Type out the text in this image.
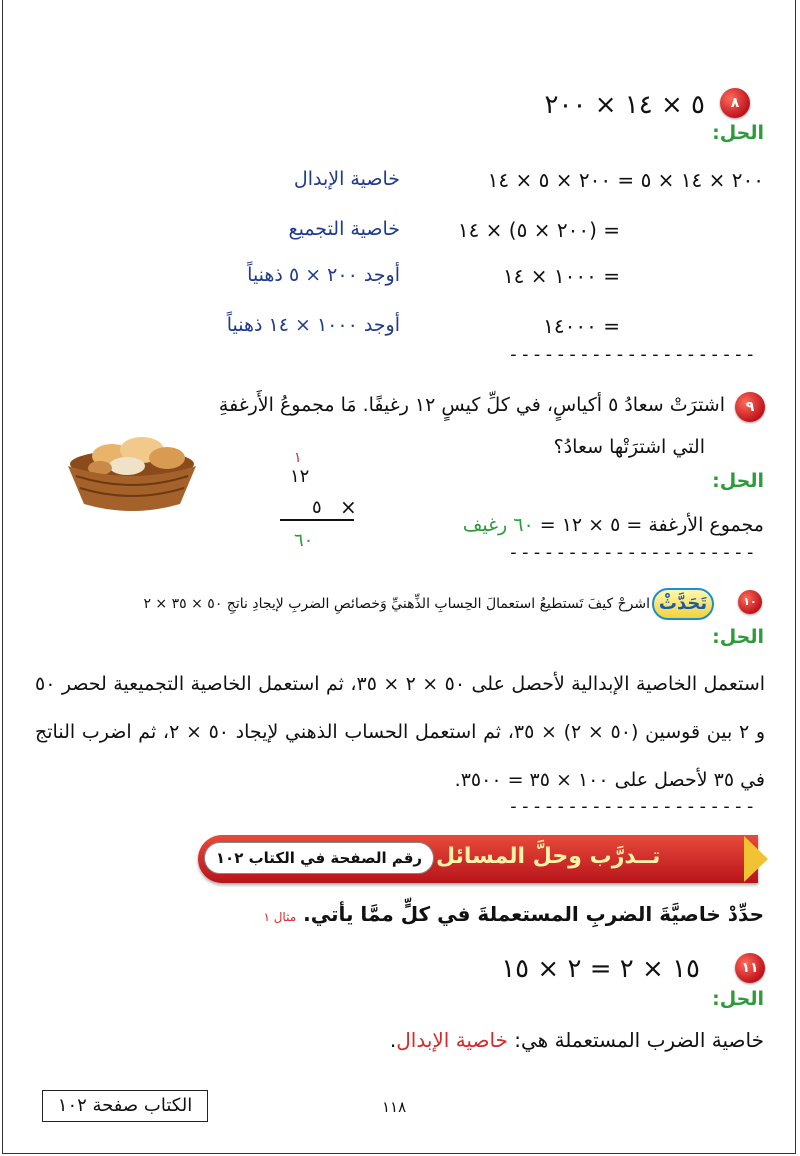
٨
٥ × ١٤ × ٢٠٠
الحل:
٢٠٠ × ١٤ × ٥ = ٢٠٠ × ٥ × ١٤
خاصية الإبدال
= (٢٠٠ × ٥) × ١٤
خاصية التجميع
= ١٠٠٠ × ١٤
أوجد ٢٠٠ × ٥ ذهنياً
= ١٤٠٠٠
أوجد ١٠٠٠ × ١٤ ذهنياً
---------------------
٩
اشترَتْ سعادُ ٥ أكياسٍ، في كلِّ كيسٍ ١٢ رغيفًا. مَا مجموعُ الأَرغفةِ
التي اشترَتْها سعادُ؟
الحل:
١
١٢
٥ ×
٦٠
مجموع الأرغفة = ٥ × ١٢ = ٦٠ رغيف
---------------------
١٠
تَحَدَّثْ
اشرحْ كيفَ تَستطيعُ استعمالَ الحِسابِ الذِّهنيِّ وَخصائصِ الضربِ لإيجادِ ناتجِ ٥٠ × ٣٥ × ٢
الحل:
استعمل الخاصية الإبدالية لأحصل على ٥٠ × ٢ × ٣٥، ثم استعمل الخاصية التجميعية لحصر ٥٠ و ٢ بين قوسين (٥٠ × ٢) × ٣٥، ثم استعمل الحساب الذهني لإيجاد ٥٠ × ٢، ثم اضرب الناتج في ٣٥ لأحصل على ١٠٠ × ٣٥ = ٣٥٠٠.
---------------------
تــدرَّب وحلَّ المسائل
رقم الصفحة في الكتاب ١٠٢
حدِّدْ خاصيَّةَ الضربِ المستعملةَ في كلٍّ ممَّا يأتي. مثال ١
١١
١٥ × ٢ = ٢ × ١٥
الحل:
خاصية الضرب المستعملة هي: خاصية الإبدال.
١١٨
الكتاب صفحة ١٠٢
